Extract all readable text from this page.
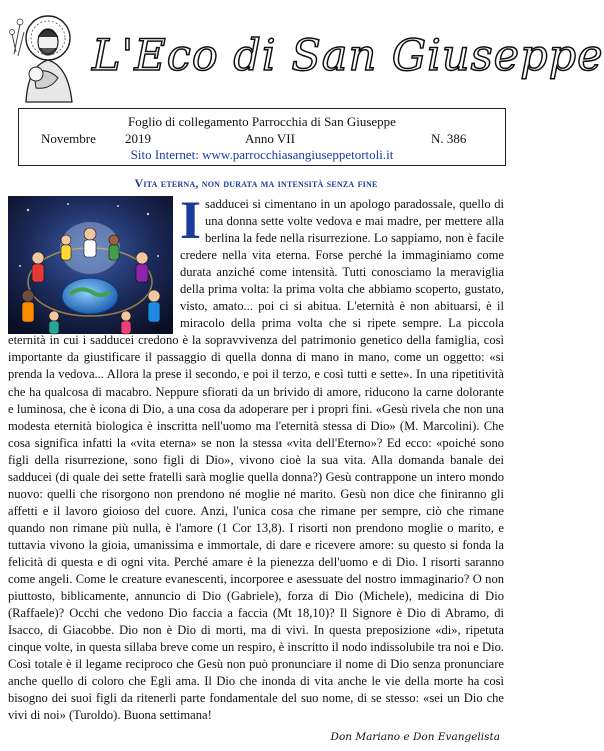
L'Eco di San Giuseppe
Foglio di collegamento Parrocchia di San Giuseppe
Novembre 2019	Anno VII	N. 386
Sito Internet: www.parrocchiasangiuseppetortoli.it
Vita eterna, non durata ma intensità senza fine
I sadducei si cimentano in un apologo paradossale, quello di una donna sette volte vedova e mai madre, per mettere alla berlina la fede nella risurrezione. Lo sappiamo, non è facile credere nella vita eterna. Forse perché la immaginiamo come durata anziché come intensità. Tutti conosciamo la meraviglia della prima volta: la prima volta che abbiamo scoperto, gustato, visto, amato... poi ci si abitua. L'eternità è non abituarsi, è il miracolo della prima volta che si ripete sempre. La piccola eternità in cui i sadducei credono è la sopravvivenza del patrimonio genetico della famiglia, così importante da giustificare il passaggio di quella donna di mano in mano, come un oggetto: «si prenda la vedova... Allora la prese il secondo, e poi il terzo, e così tutti e sette». In una ripetitività che ha qualcosa di macabro. Neppure sfiorati da un brivido di amore, riducono la carne dolorante e luminosa, che è icona di Dio, a una cosa da adoperare per i propri fini. «Gesù rivela che non una modesta eternità biologica è inscritta nell'uomo ma l'eternità stessa di Dio» (M. Marcolini). Che cosa significa infatti la «vita eterna» se non la stessa «vita dell'Eterno»? Ed ecco: «poiché sono figli della risurrezione, sono figli di Dio», vivono cioè la sua vita. Alla domanda banale dei sadducei (di quale dei sette fratelli sarà moglie quella donna?) Gesù contrappone un intero mondo nuovo: quelli che risorgono non prendono né moglie né marito. Gesù non dice che finiranno gli affetti e il lavoro gioioso del cuore. Anzi, l'unica cosa che rimane per sempre, ciò che rimane quando non rimane più nulla, è l'amore (1 Cor 13,8). I risorti non prendono moglie o marito, e tuttavia vivono la gioia, umanissima e immortale, di dare e ricevere amore: su questo si fonda la felicità di questa e di ogni vita. Perché amare è la pienezza dell'uomo e di Dio. I risorti saranno come angeli. Come le creature evanescenti, incorporee e asessuate del nostro immaginario? O non piuttosto, biblicamente, annuncio di Dio (Gabriele), forza di Dio (Michele), medicina di Dio (Raffaele)? Occhi che vedono Dio faccia a faccia (Mt 18,10)? Il Signore è Dio di Abramo, di Isacco, di Giacobbe. Dio non è Dio di morti, ma di vivi. In questa preposizione «di», ripetuta cinque volte, in questa sillaba breve come un respiro, è inscritto il nodo indissolubile tra noi e Dio. Così totale è il legame reciproco che Gesù non può pronunciare il nome di Dio senza pronunciare anche quello di coloro che Egli ama. Il Dio che inonda di vita anche le vie della morte ha così bisogno dei suoi figli da ritenerli parte fondamentale del suo nome, di se stesso: «sei un Dio che vivi di noi» (Turoldo). Buona settimana!
Don Mariano e Don Evangelista
